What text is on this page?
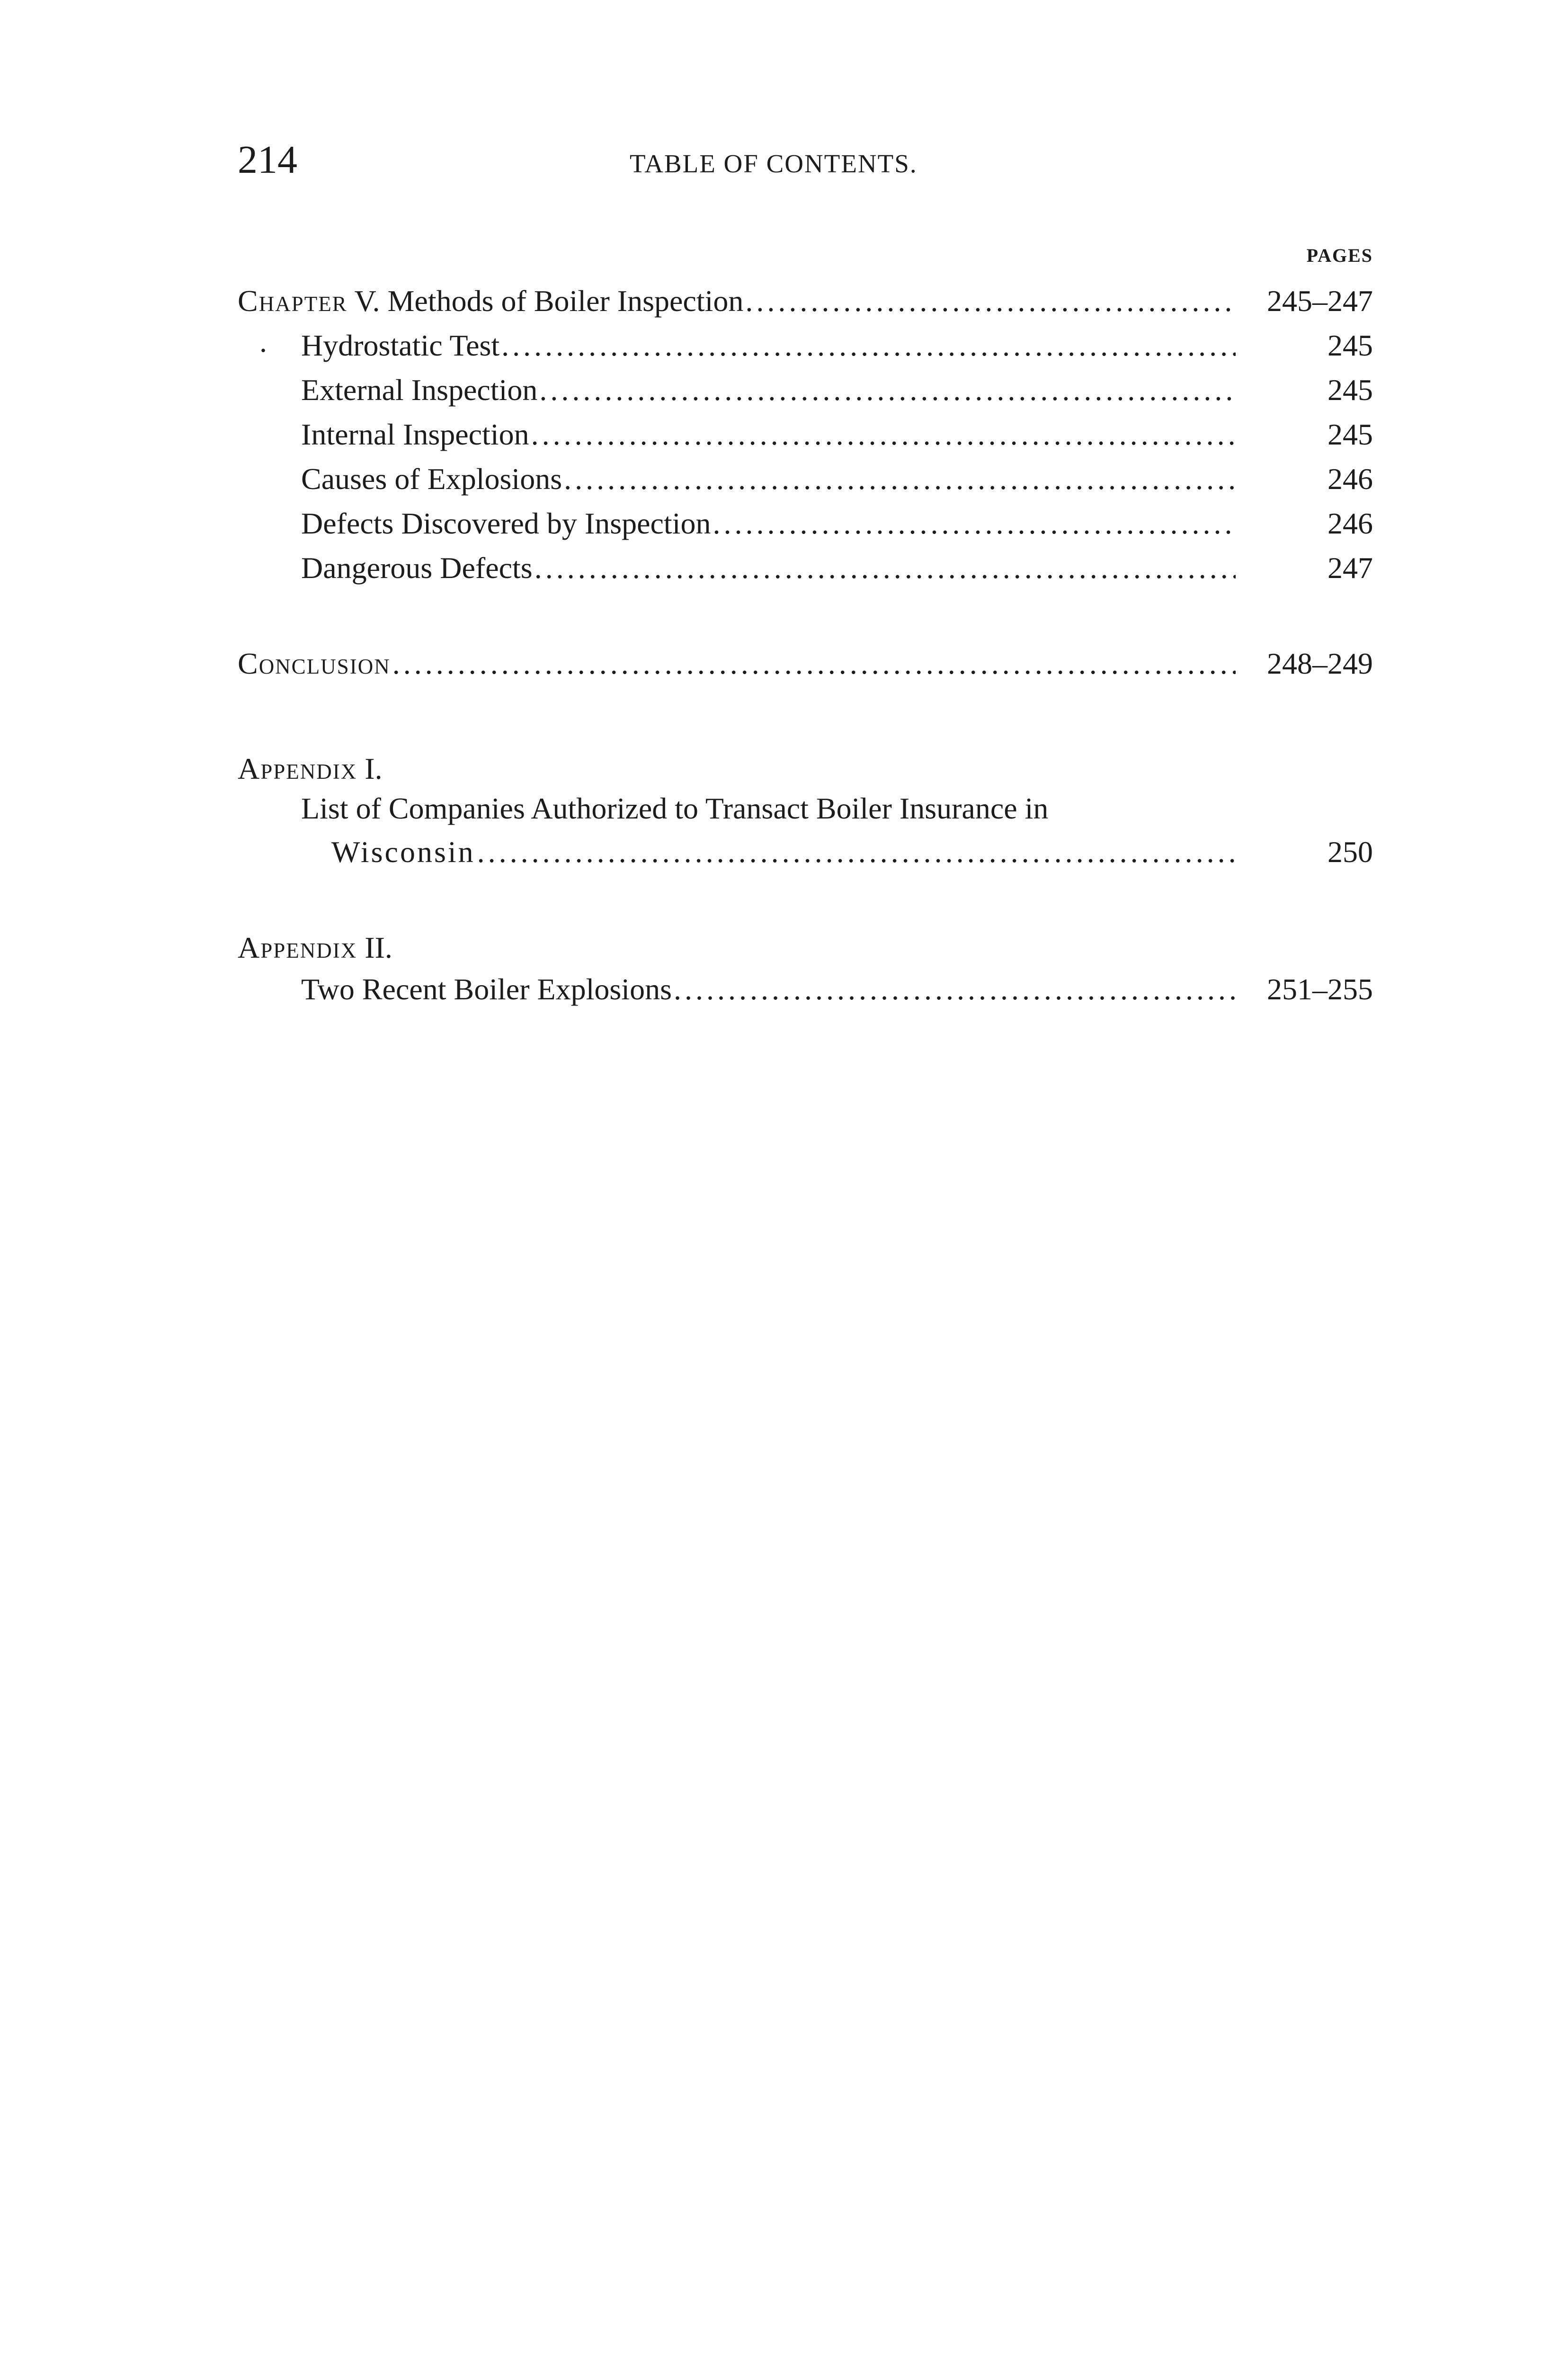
214	TABLE OF CONTENTS.
PAGES
Chapter V. Methods of Boiler Inspection .....	245–247
. Hydrostatic Test .....	245
External Inspection .....	245
Internal Inspection .....	245
Causes of Explosions .....	246
Defects Discovered by Inspection .....	246
Dangerous Defects .....	247
Conclusion .....	248–249
Appendix I.
List of Companies Authorized to Transact Boiler Insurance in
Wisconsin .....	250
Appendix II.
Two Recent Boiler Explosions .....	251–255
